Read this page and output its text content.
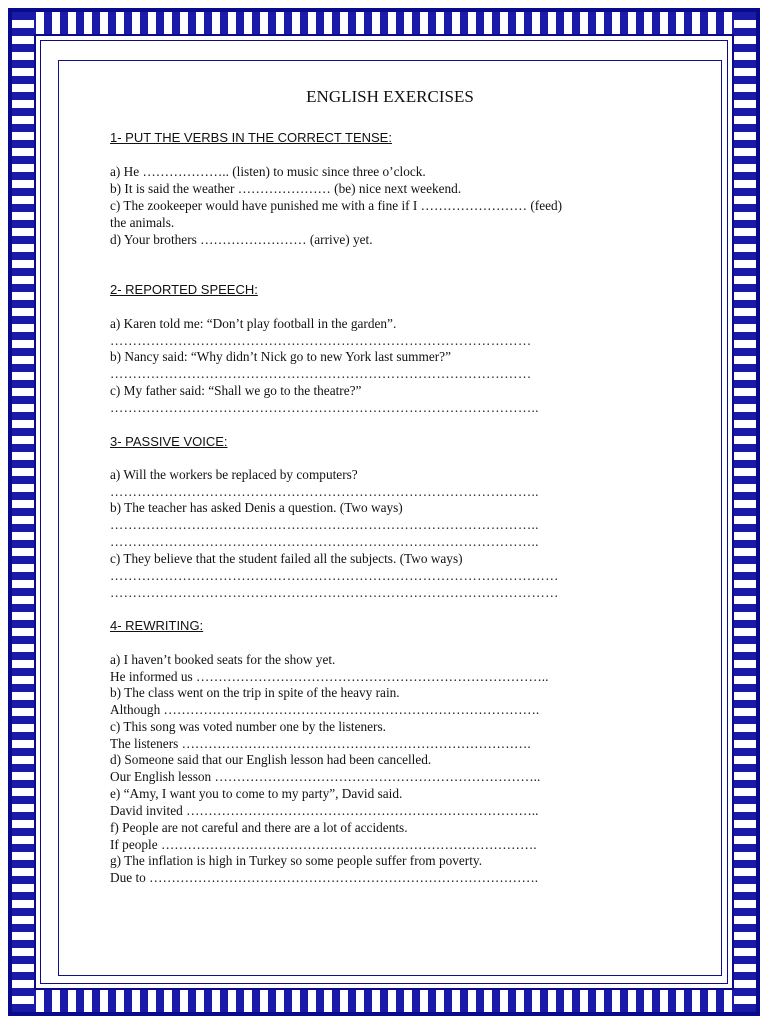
ENGLISH EXERCISES

1- PUT THE VERBS IN THE CORRECT TENSE:

a) He ……………….. (listen) to music since three o’clock.

b) It is said the weather ………………… (be) nice next weekend.

c) The zookeeper would have punished me with a fine if I …………………… (feed)

the animals.

d) Your brothers …………………… (arrive) yet.

2- REPORTED SPEECH:

a) Karen told me: “Don’t play football in the garden”.

…………………………………………………………………………………

b) Nancy said: “Why didn’t Nick go to new York last summer?”

…………………………………………………………………………………

c) My father said: “Shall we go to the theatre?”

…………………………………………………………………………………..

3- PASSIVE VOICE:

a) Will the workers be replaced by computers?

…………………………………………………………………………………..

b) The teacher has asked Denis a question. (Two ways)

…………………………………………………………………………………..

…………………………………………………………………………………..

c) They believe that the student failed all the subjects. (Two ways)

………………………………………………………………………………………

………………………………………………………………………………………

4- REWRITING:

a) I haven’t booked seats for the show yet.

He informed us ……………………………………………………………………..

b) The class went on the trip in spite of the heavy rain.

Although ………………………………………………………………………….

c) This song was voted number one by the listeners.

The listeners …………………………………………………………………….

d) Someone said that our English lesson had been cancelled.

Our English lesson ………………………………………………………………..

e) “Amy, I want you to come to my party”, David said.

David invited ……………………………………………………………………..

f) People are not careful and there are a lot of accidents.

If people ………………………………………………………………………….

g) The inflation is high in Turkey so some people suffer from poverty.

Due to …………………………………………………………………………….
